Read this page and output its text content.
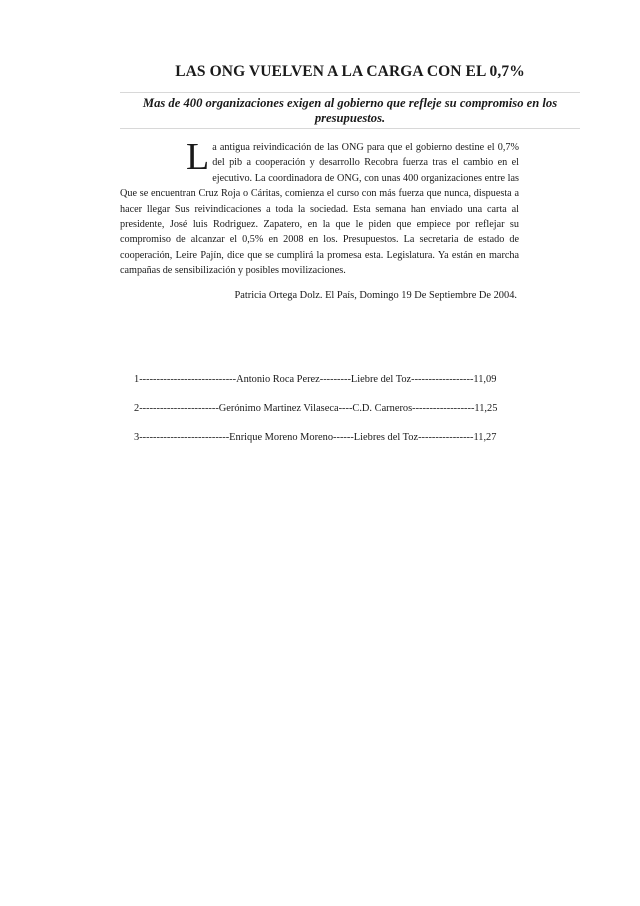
LAS ONG VUELVEN A LA CARGA CON EL 0,7%
Mas de 400 organizaciones exigen al gobierno que refleje su compromiso en los presupuestos.
L a antigua reivindicación de las ONG para que el gobierno destine el 0,7% del pib a cooperación y desarrollo Recobra fuerza tras el cambio en el ejecutivo. La coordinadora de ONG, con unas 400 organizaciones entre las Que se encuentran Cruz Roja o Cáritas, comienza el curso con más fuerza que nunca, dispuesta a hacer llegar Sus reivindicaciones a toda la sociedad. Esta semana han enviado una carta al presidente, José luis Rodriguez. Zapatero, en la que le piden que empiece por reflejar su compromiso de alcanzar el 0,5% en 2008 en los. Presupuestos. La secretaria de estado de cooperación, Leire Pajín, dice que se cumplirá la promesa esta. Legislatura. Ya están en marcha campañas de sensibilización y posibles movilizaciones.
Patricia Ortega Dolz. El País, Domingo 19 De Septiembre De 2004.
1----------------------------Antonio Roca Perez---------Liebre del Toz------------------11,09
2-----------------------Gerónimo Martinez Vilaseca----C.D. Carneros------------------11,25
3--------------------------Enrique Moreno Moreno------Liebres del Toz----------------11,27
